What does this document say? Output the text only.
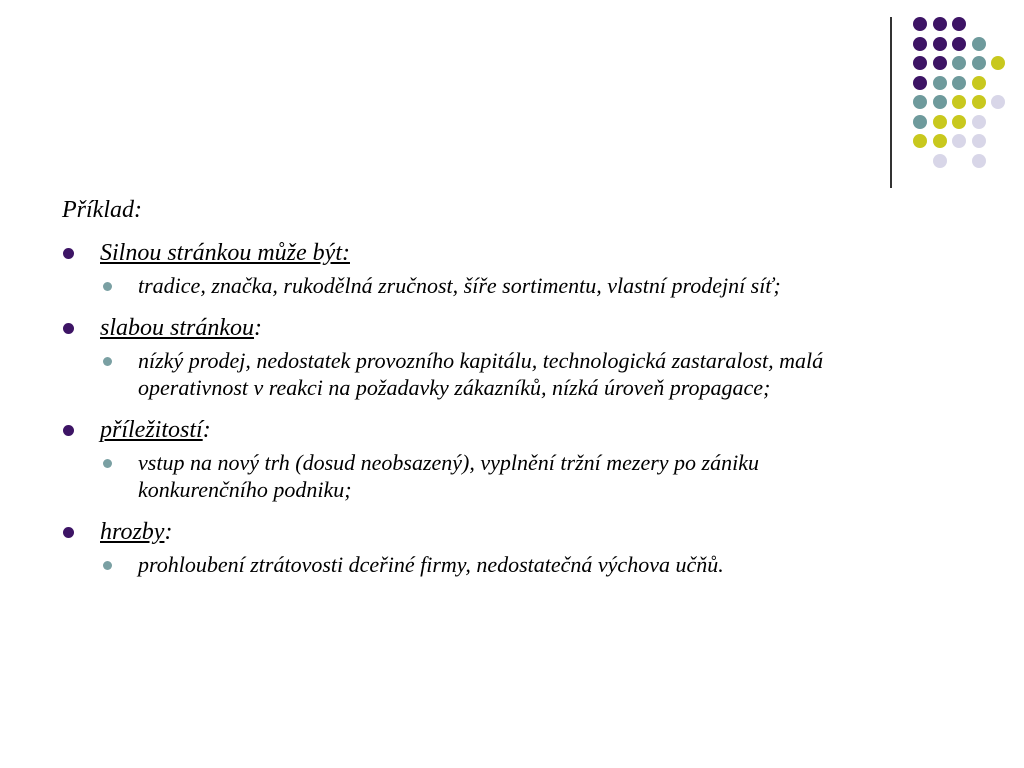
Příklad:
Silnou stránkou může být:
tradice, značka, rukodělná zručnost, šíře sortimentu, vlastní prodejní síť;
slabou stránkou:
nízký prodej, nedostatek provozního kapitálu, technologická zastaralost, malá operativnost v reakci na požadavky zákazníků, nízká úroveň propagace;
příležitostí:
vstup na nový trh (dosud neobsazený), vyplnění tržní mezery po zániku konkurenčního podniku;
hrozby:
prohloubení ztrátovosti dceřiné firmy, nedostatečná výchova učňů.
